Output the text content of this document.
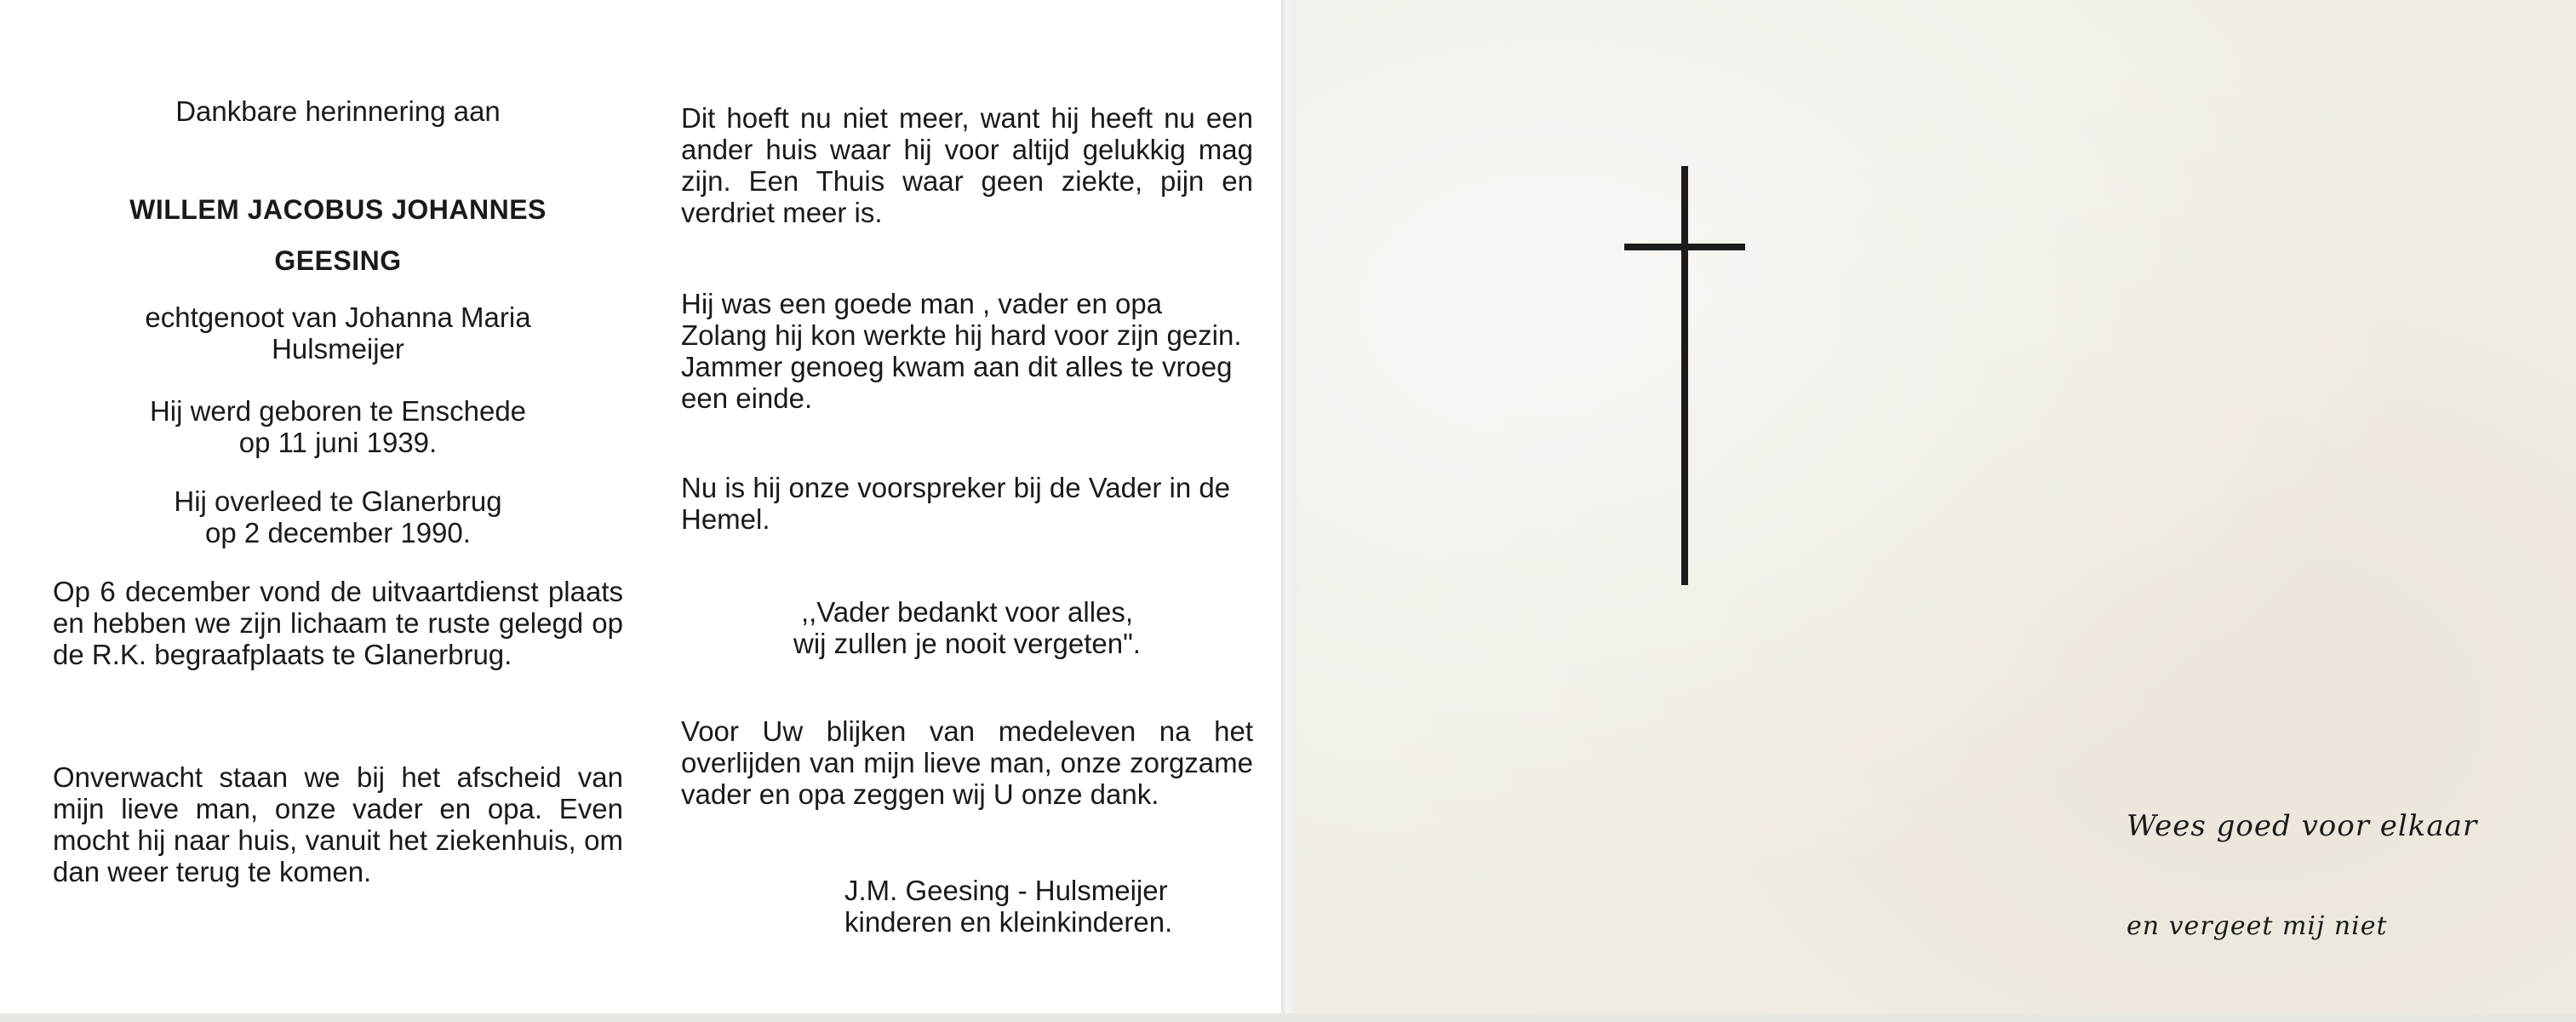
Dankbare herinnering aan

WILLEM JACOBUS JOHANNES

GEESING

echtgenoot van Johanna Maria

Hulsmeijer

Hij werd geboren te Enschede

op 11 juni 1939.

Hij overleed te Glanerbrug

op 2 december 1990.

Op 6 december vond de uitvaartdienst plaats en hebben we zijn lichaam te ruste gelegd op de R.K. begraafplaats te Glanerbrug.

Onverwacht staan we bij het afscheid van mijn lieve man, onze vader en opa. Even mocht hij naar huis, vanuit het ziekenhuis, om dan weer terug te komen.

Dit hoeft nu niet meer, want hij heeft nu een ander huis waar hij voor altijd gelukkig mag zijn. Een Thuis waar geen ziekte, pijn en verdriet meer is.

Hij was een goede man , vader en opa Zolang hij kon werkte hij hard voor zijn gezin. Jammer genoeg kwam aan dit alles te vroeg een einde.

Nu is hij onze voorspreker bij de Vader in de Hemel.

,,Vader bedankt voor alles,

wij zullen je nooit vergeten".

Voor Uw blijken van medeleven na het overlijden van mijn lieve man, onze zorgzame vader en opa zeggen wij U onze dank.

J.M. Geesing - Hulsmeijer

kinderen en kleinkinderen.

Wees goed voor elkaar
en vergeet mij niet
